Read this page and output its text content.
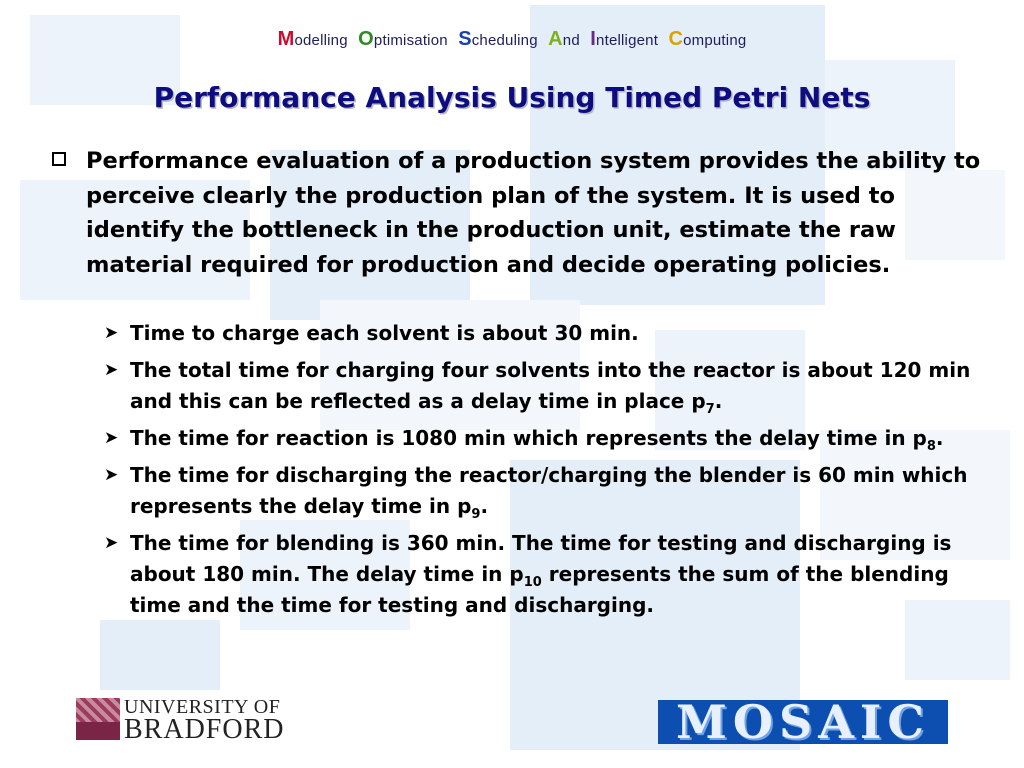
Modelling Optimisation Scheduling And Intelligent Computing
Performance Analysis Using Timed Petri Nets
Performance evaluation of a production system provides the ability to perceive clearly the production plan of the system. It is used to identify the bottleneck in the production unit, estimate the raw material required for production and decide operating policies.
➤ Time to charge each solvent is about 30 min.
➤ The total time for charging four solvents into the reactor is about 120 min and this can be reflected as a delay time in place $p_7$.
➤ The time for reaction is 1080 min which represents the delay time in $p_8$.
➤ The time for discharging the reactor/charging the blender is 60 min which represents the delay time in $p_9$.
➤ The time for blending is 360 min. The time for testing and discharging is about 180 min. The delay time in $p_{10}$ represents the sum of the blending time and the time for testing and discharging.
UNIVERSITY OF
BRADFORD	MOSAIC
